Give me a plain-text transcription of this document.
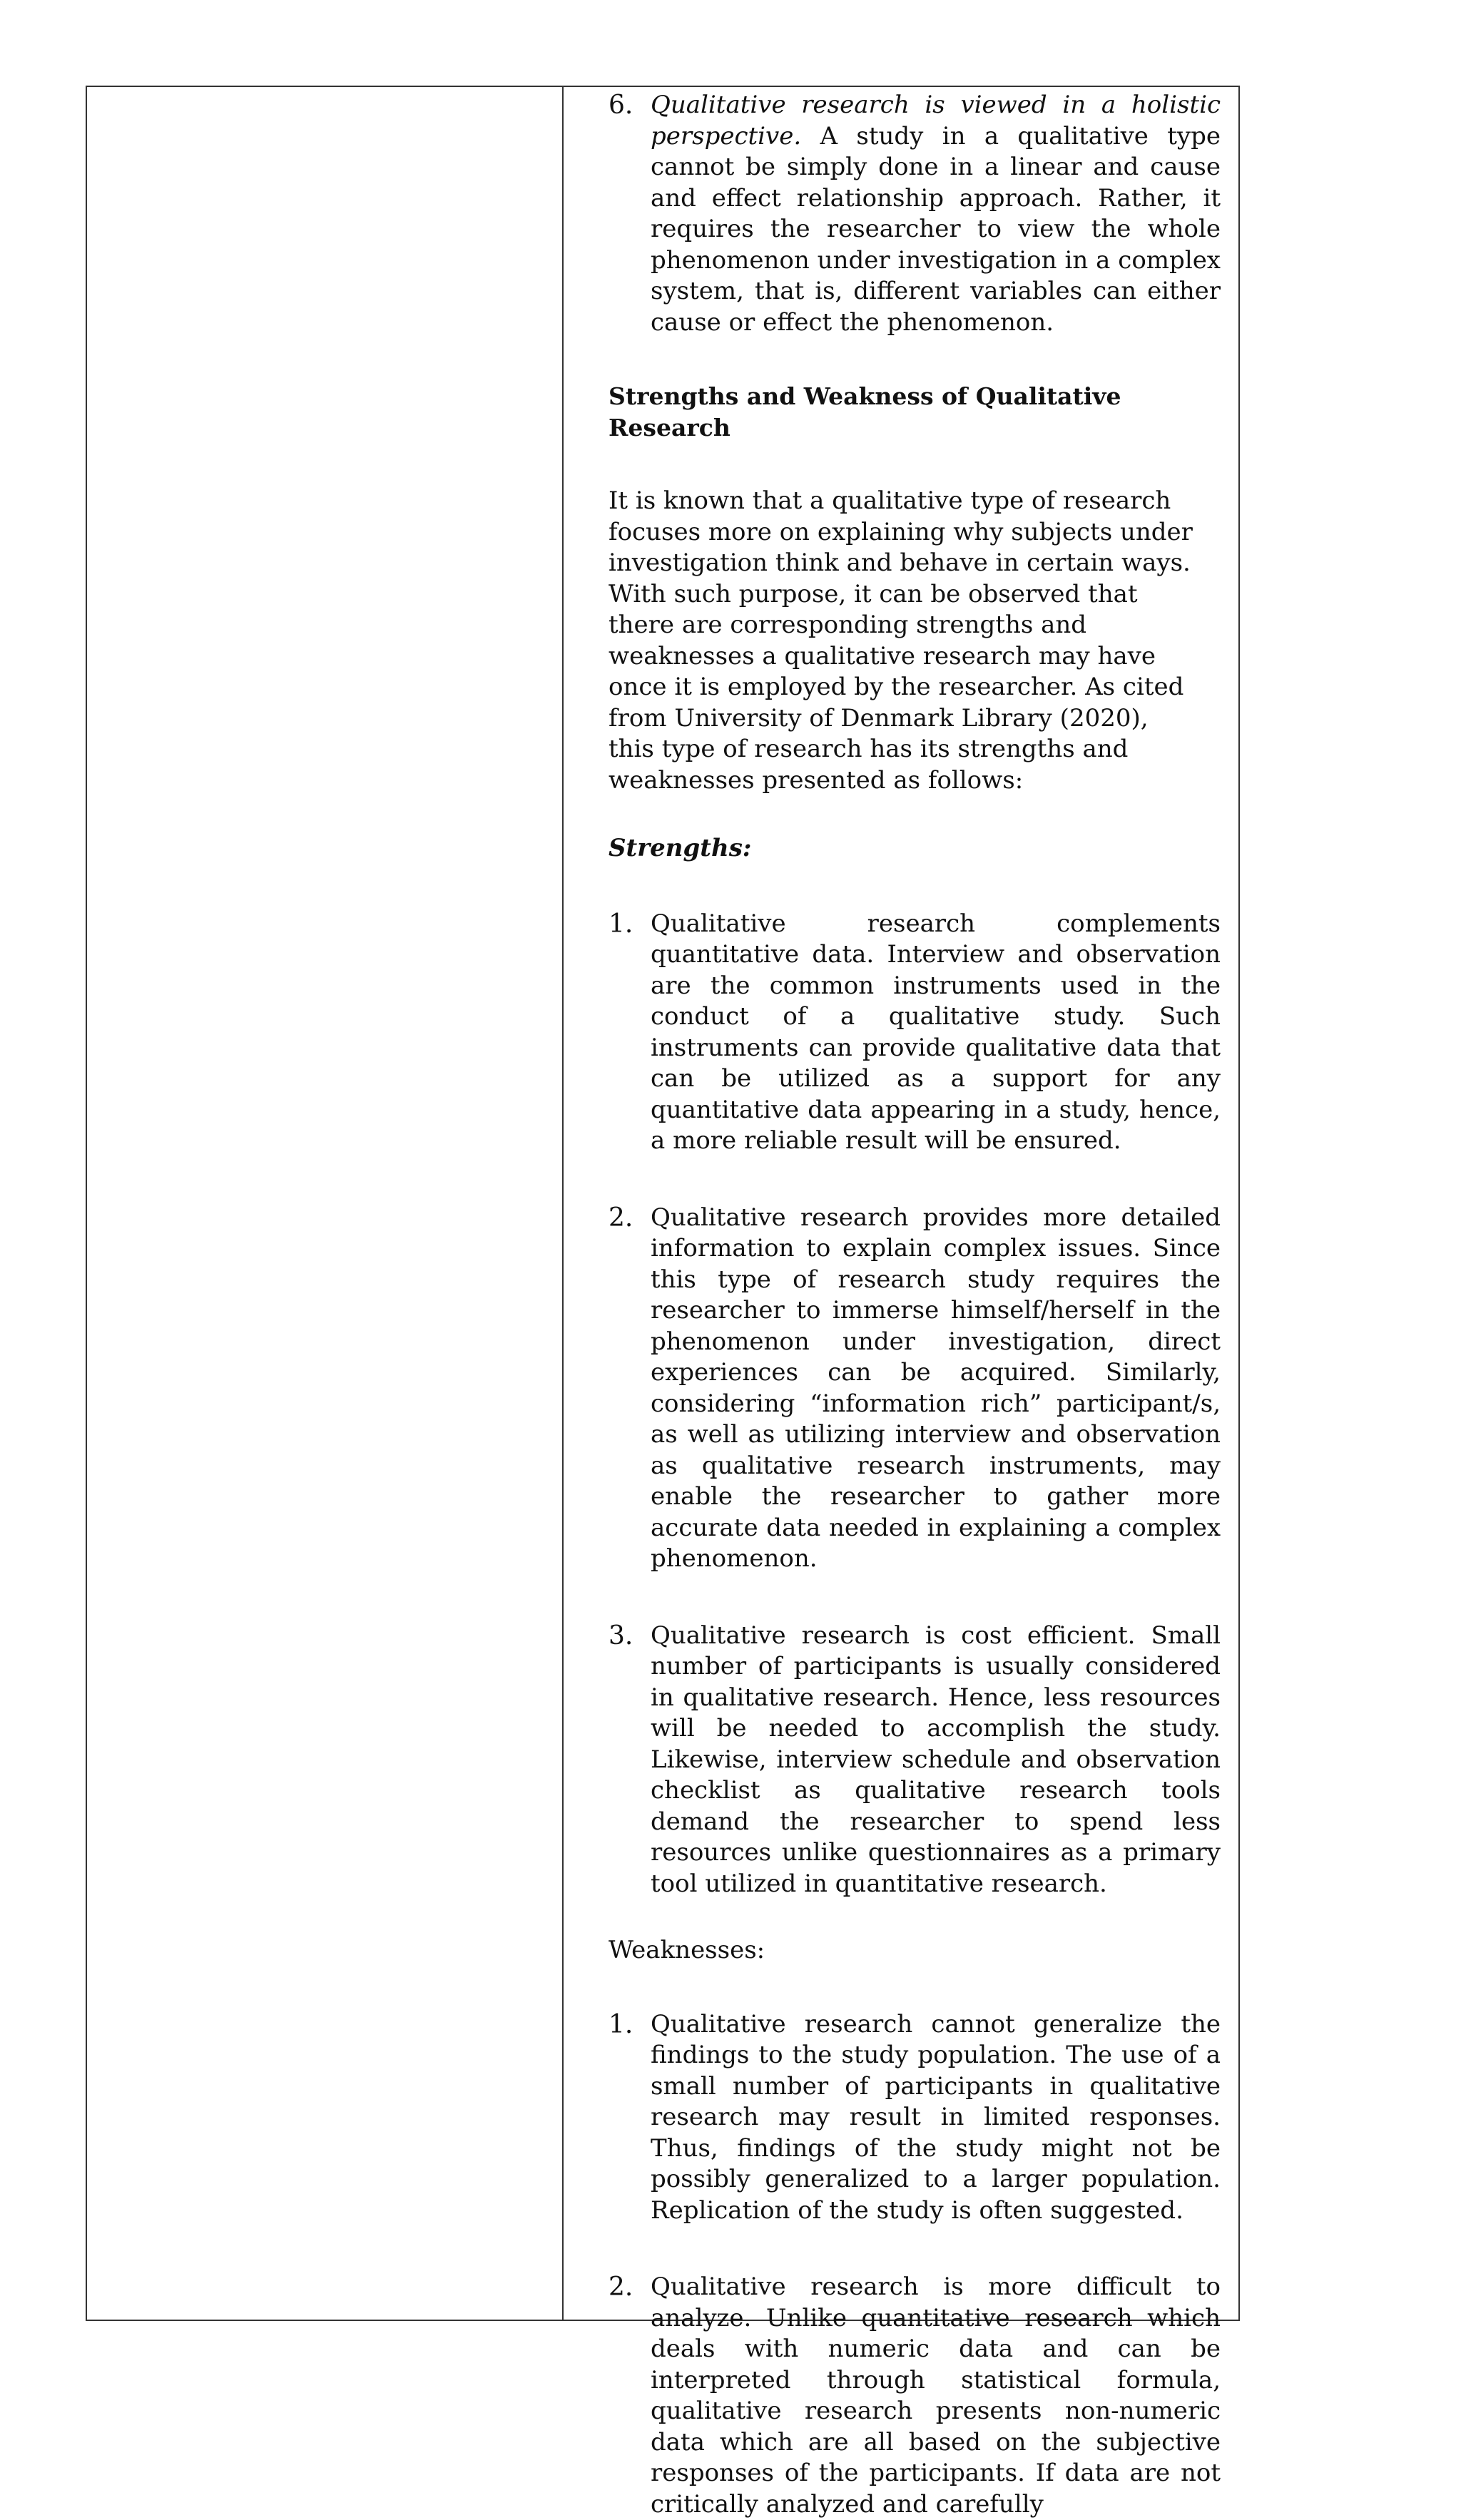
6. Qualitative research is viewed in a holistic perspective. A study in a qualitative type cannot be simply done in a linear and cause and effect relationship approach. Rather, it requires the researcher to view the whole phenomenon under investigation in a complex system, that is, different variables can either cause or effect the phenomenon.
Strengths and Weakness of Qualitative Research
It is known that a qualitative type of research focuses more on explaining why subjects under investigation think and behave in certain ways. With such purpose, it can be observed that there are corresponding strengths and weaknesses a qualitative research may have once it is employed by the researcher. As cited from University of Denmark Library (2020), this type of research has its strengths and weaknesses presented as follows:
Strengths:
1. Qualitative research complements quantitative data. Interview and observation are the common instruments used in the conduct of a qualitative study. Such instruments can provide qualitative data that can be utilized as a support for any quantitative data appearing in a study, hence, a more reliable result will be ensured.
2. Qualitative research provides more detailed information to explain complex issues. Since this type of research study requires the researcher to immerse himself/herself in the phenomenon under investigation, direct experiences can be acquired. Similarly, considering “information rich” participant/s, as well as utilizing interview and observation as qualitative research instruments, may enable the researcher to gather more accurate data needed in explaining a complex phenomenon.
3. Qualitative research is cost efficient. Small number of participants is usually considered in qualitative research. Hence, less resources will be needed to accomplish the study. Likewise, interview schedule and observation checklist as qualitative research tools demand the researcher to spend less resources unlike questionnaires as a primary tool utilized in quantitative research.
Weaknesses:
1. Qualitative research cannot generalize the findings to the study population. The use of a small number of participants in qualitative research may result in limited responses. Thus, findings of the study might not be possibly generalized to a larger population. Replication of the study is often suggested.
2. Qualitative research is more difficult to analyze. Unlike quantitative research which deals with numeric data and can be interpreted through statistical formula, qualitative research presents non-numeric data which are all based on the subjective responses of the participants. If data are not critically analyzed and carefully
